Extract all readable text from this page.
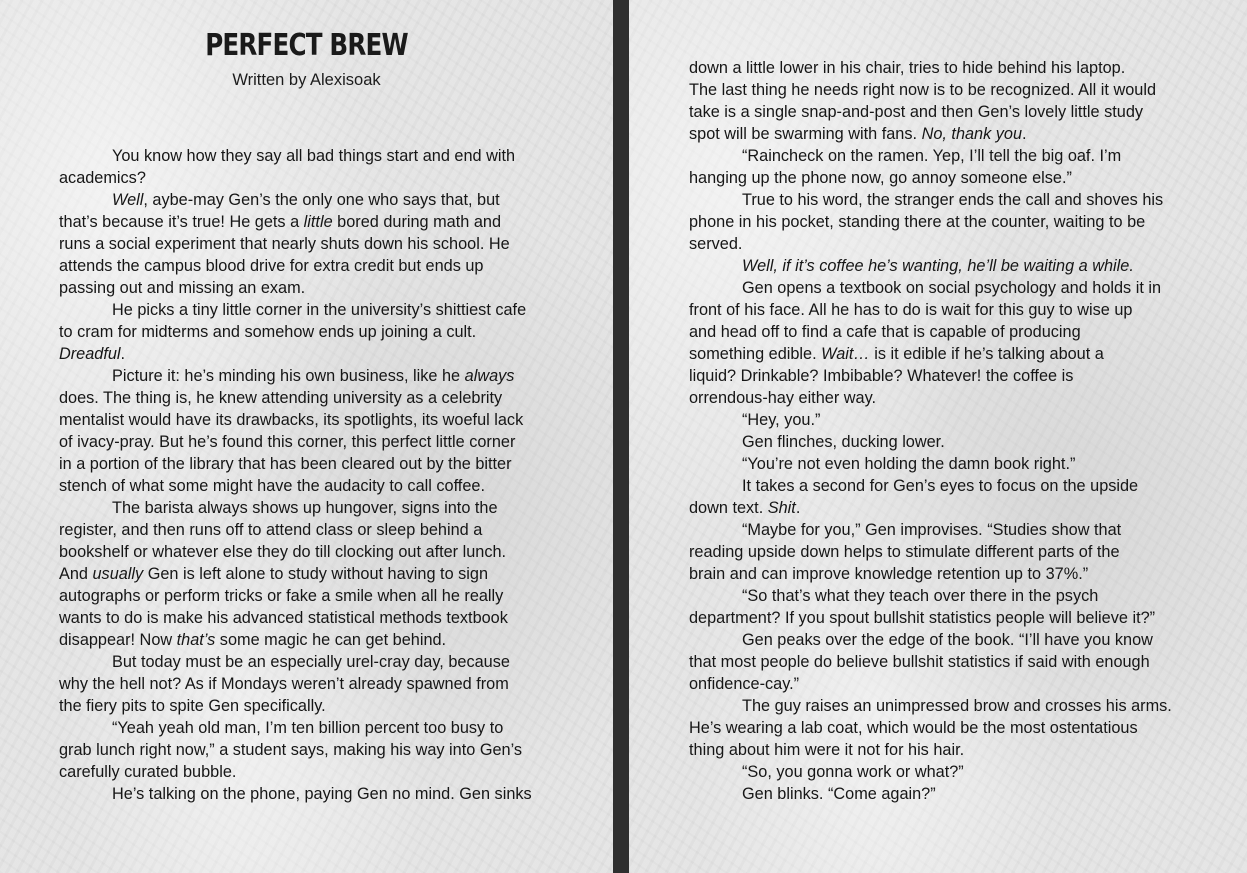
PERFECT BREW
Written by Alexisoak
You know how they say all bad things start and end with
academics?
Well, aybe-may Gen’s the only one who says that, but
that’s because it’s true! He gets a little bored during math and
runs a social experiment that nearly shuts down his school. He
attends the campus blood drive for extra credit but ends up
passing out and missing an exam.
He picks a tiny little corner in the university’s shittiest cafe
to cram for midterms and somehow ends up joining a cult.
Dreadful.
Picture it: he’s minding his own business, like he always
does. The thing is, he knew attending university as a celebrity
mentalist would have its drawbacks, its spotlights, its woeful lack
of ivacy-pray. But he’s found this corner, this perfect little corner
in a portion of the library that has been cleared out by the bitter
stench of what some might have the audacity to call coffee.
The barista always shows up hungover, signs into the
register, and then runs off to attend class or sleep behind a
bookshelf or whatever else they do till clocking out after lunch.
And usually Gen is left alone to study without having to sign
autographs or perform tricks or fake a smile when all he really
wants to do is make his advanced statistical methods textbook
disappear! Now that’s some magic he can get behind.
But today must be an especially urel-cray day, because
why the hell not? As if Mondays weren’t already spawned from
the fiery pits to spite Gen specifically.
“Yeah yeah old man, I’m ten billion percent too busy to
grab lunch right now,” a student says, making his way into Gen’s
carefully curated bubble.
He’s talking on the phone, paying Gen no mind. Gen sinks
down a little lower in his chair, tries to hide behind his laptop.
The last thing he needs right now is to be recognized. All it would
take is a single snap-and-post and then Gen’s lovely little study
spot will be swarming with fans. No, thank you.
“Raincheck on the ramen. Yep, I’ll tell the big oaf. I’m
hanging up the phone now, go annoy someone else.”
True to his word, the stranger ends the call and shoves his
phone in his pocket, standing there at the counter, waiting to be
served.
Well, if it’s coffee he’s wanting, he’ll be waiting a while.
Gen opens a textbook on social psychology and holds it in
front of his face. All he has to do is wait for this guy to wise up
and head off to find a cafe that is capable of producing
something edible. Wait… is it edible if he’s talking about a
liquid? Drinkable? Imbibable? Whatever! the coffee is
orrendous-hay either way.
“Hey, you.”
Gen flinches, ducking lower.
“You’re not even holding the damn book right.”
It takes a second for Gen’s eyes to focus on the upside
down text. Shit.
“Maybe for you,” Gen improvises. “Studies show that
reading upside down helps to stimulate different parts of the
brain and can improve knowledge retention up to 37%.”
“So that’s what they teach over there in the psych
department? If you spout bullshit statistics people will believe it?”
Gen peaks over the edge of the book. “I’ll have you know
that most people do believe bullshit statistics if said with enough
onfidence-cay.”
The guy raises an unimpressed brow and crosses his arms.
He’s wearing a lab coat, which would be the most ostentatious
thing about him were it not for his hair.
“So, you gonna work or what?”
Gen blinks. “Come again?”
